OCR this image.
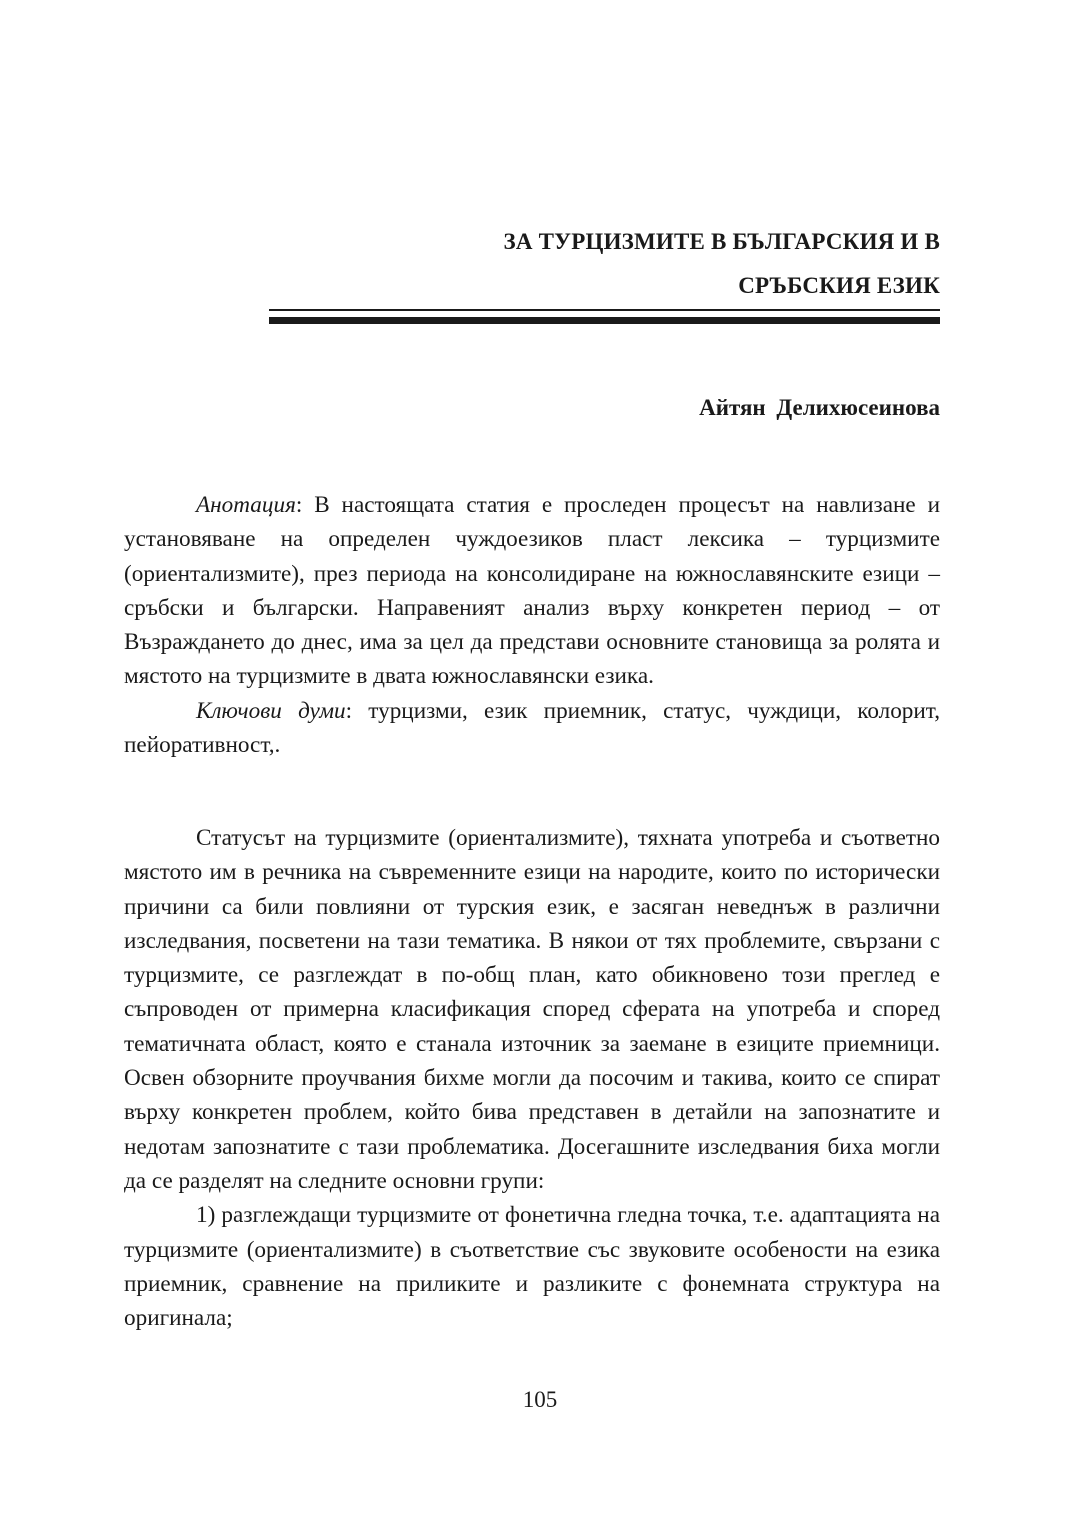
ЗА ТУРЦИЗМИТЕ В БЪЛГАРСКИЯ И В
СРЪБСКИЯ ЕЗИК
Айтян Делихюсеинова

Анотация: В настоящата статия е проследен процесът на навлизане и установяване на определен чуждоезиков пласт лексика – турцизмите (ориентализмите), през периода на консолидиране на южнославянските езици – сръбски и български. Направеният анализ върху конкретен период – от Възраждането до днес, има за цел да представи основните становища за ролята и мястото на турцизмите в двата южнославянски езика.

Ключови думи: турцизми, език приемник, статус, чуждици, колорит, пейоративност,.

Статусът на турцизмите (ориентализмите), тяхната употреба и съответно мястото им в речника на съвременните езици на народите, които по исторически причини са били повлияни от турския език, е засяган неведнъж в различни изследвания, посветени на тази тематика. В някои от тях проблемите, свързани с турцизмите, се разглеждат в по-общ план, като обикновено този преглед е съпроводен от примерна класификация според сферата на употреба и според тематичната област, която е станала източник за заемане в езиците приемници. Освен обзорните проучвания бихме могли да посочим и такива, които се спират върху конкретен проблем, който бива представен в детайли на запознатите и недотам запознатите с тази проблематика. Досегашните изследвания биха могли да се разделят на следните основни групи:

1) разглеждащи турцизмите от фонетична гледна точка, т.е. адаптацията на турцизмите (ориентализмите) в съответствие със звуковите особености на езика приемник, сравнение на приликите и разликите с фонемната структура на оригинала;

105
